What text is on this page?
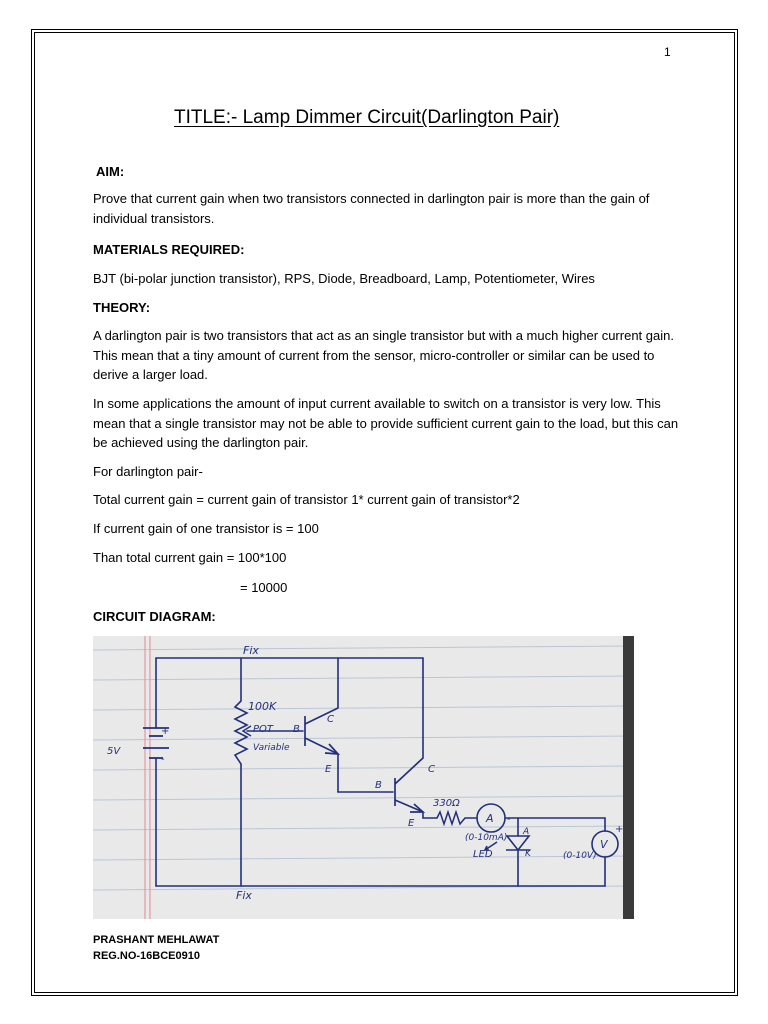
1
TITLE:- Lamp Dimmer Circuit(Darlington Pair)
AIM:
Prove that current gain when two transistors connected in darlington pair is more than the gain of individual transistors.
MATERIALS REQUIRED:
BJT (bi-polar junction transistor), RPS, Diode, Breadboard, Lamp, Potentiometer, Wires
THEORY:
A darlington pair is two transistors that act as an single transistor but with a much higher current gain. This mean that a tiny amount of current from the sensor, micro-controller or similar can be used to derive a larger load.
In some applications the amount of input current available to switch on a transistor is very low. This mean that a single transistor may not be able to provide sufficient current gain to the load, but this can be achieved using the darlington pair.
For darlington pair-
Total current gain = current gain of transistor 1* current gain of transistor*2
If current gain of one transistor is = 100
Than total current gain = 100*100
= 10000
CIRCUIT DIAGRAM:
Fix
Fix
100K
POT
Variable
5V
+
-
C
B
E	C
B
E
330Ω
A
(0-10mA)
-
LED
A
K
V
(0-10V)
+
PRASHANT MEHLAWAT
REG.NO-16BCE0910
